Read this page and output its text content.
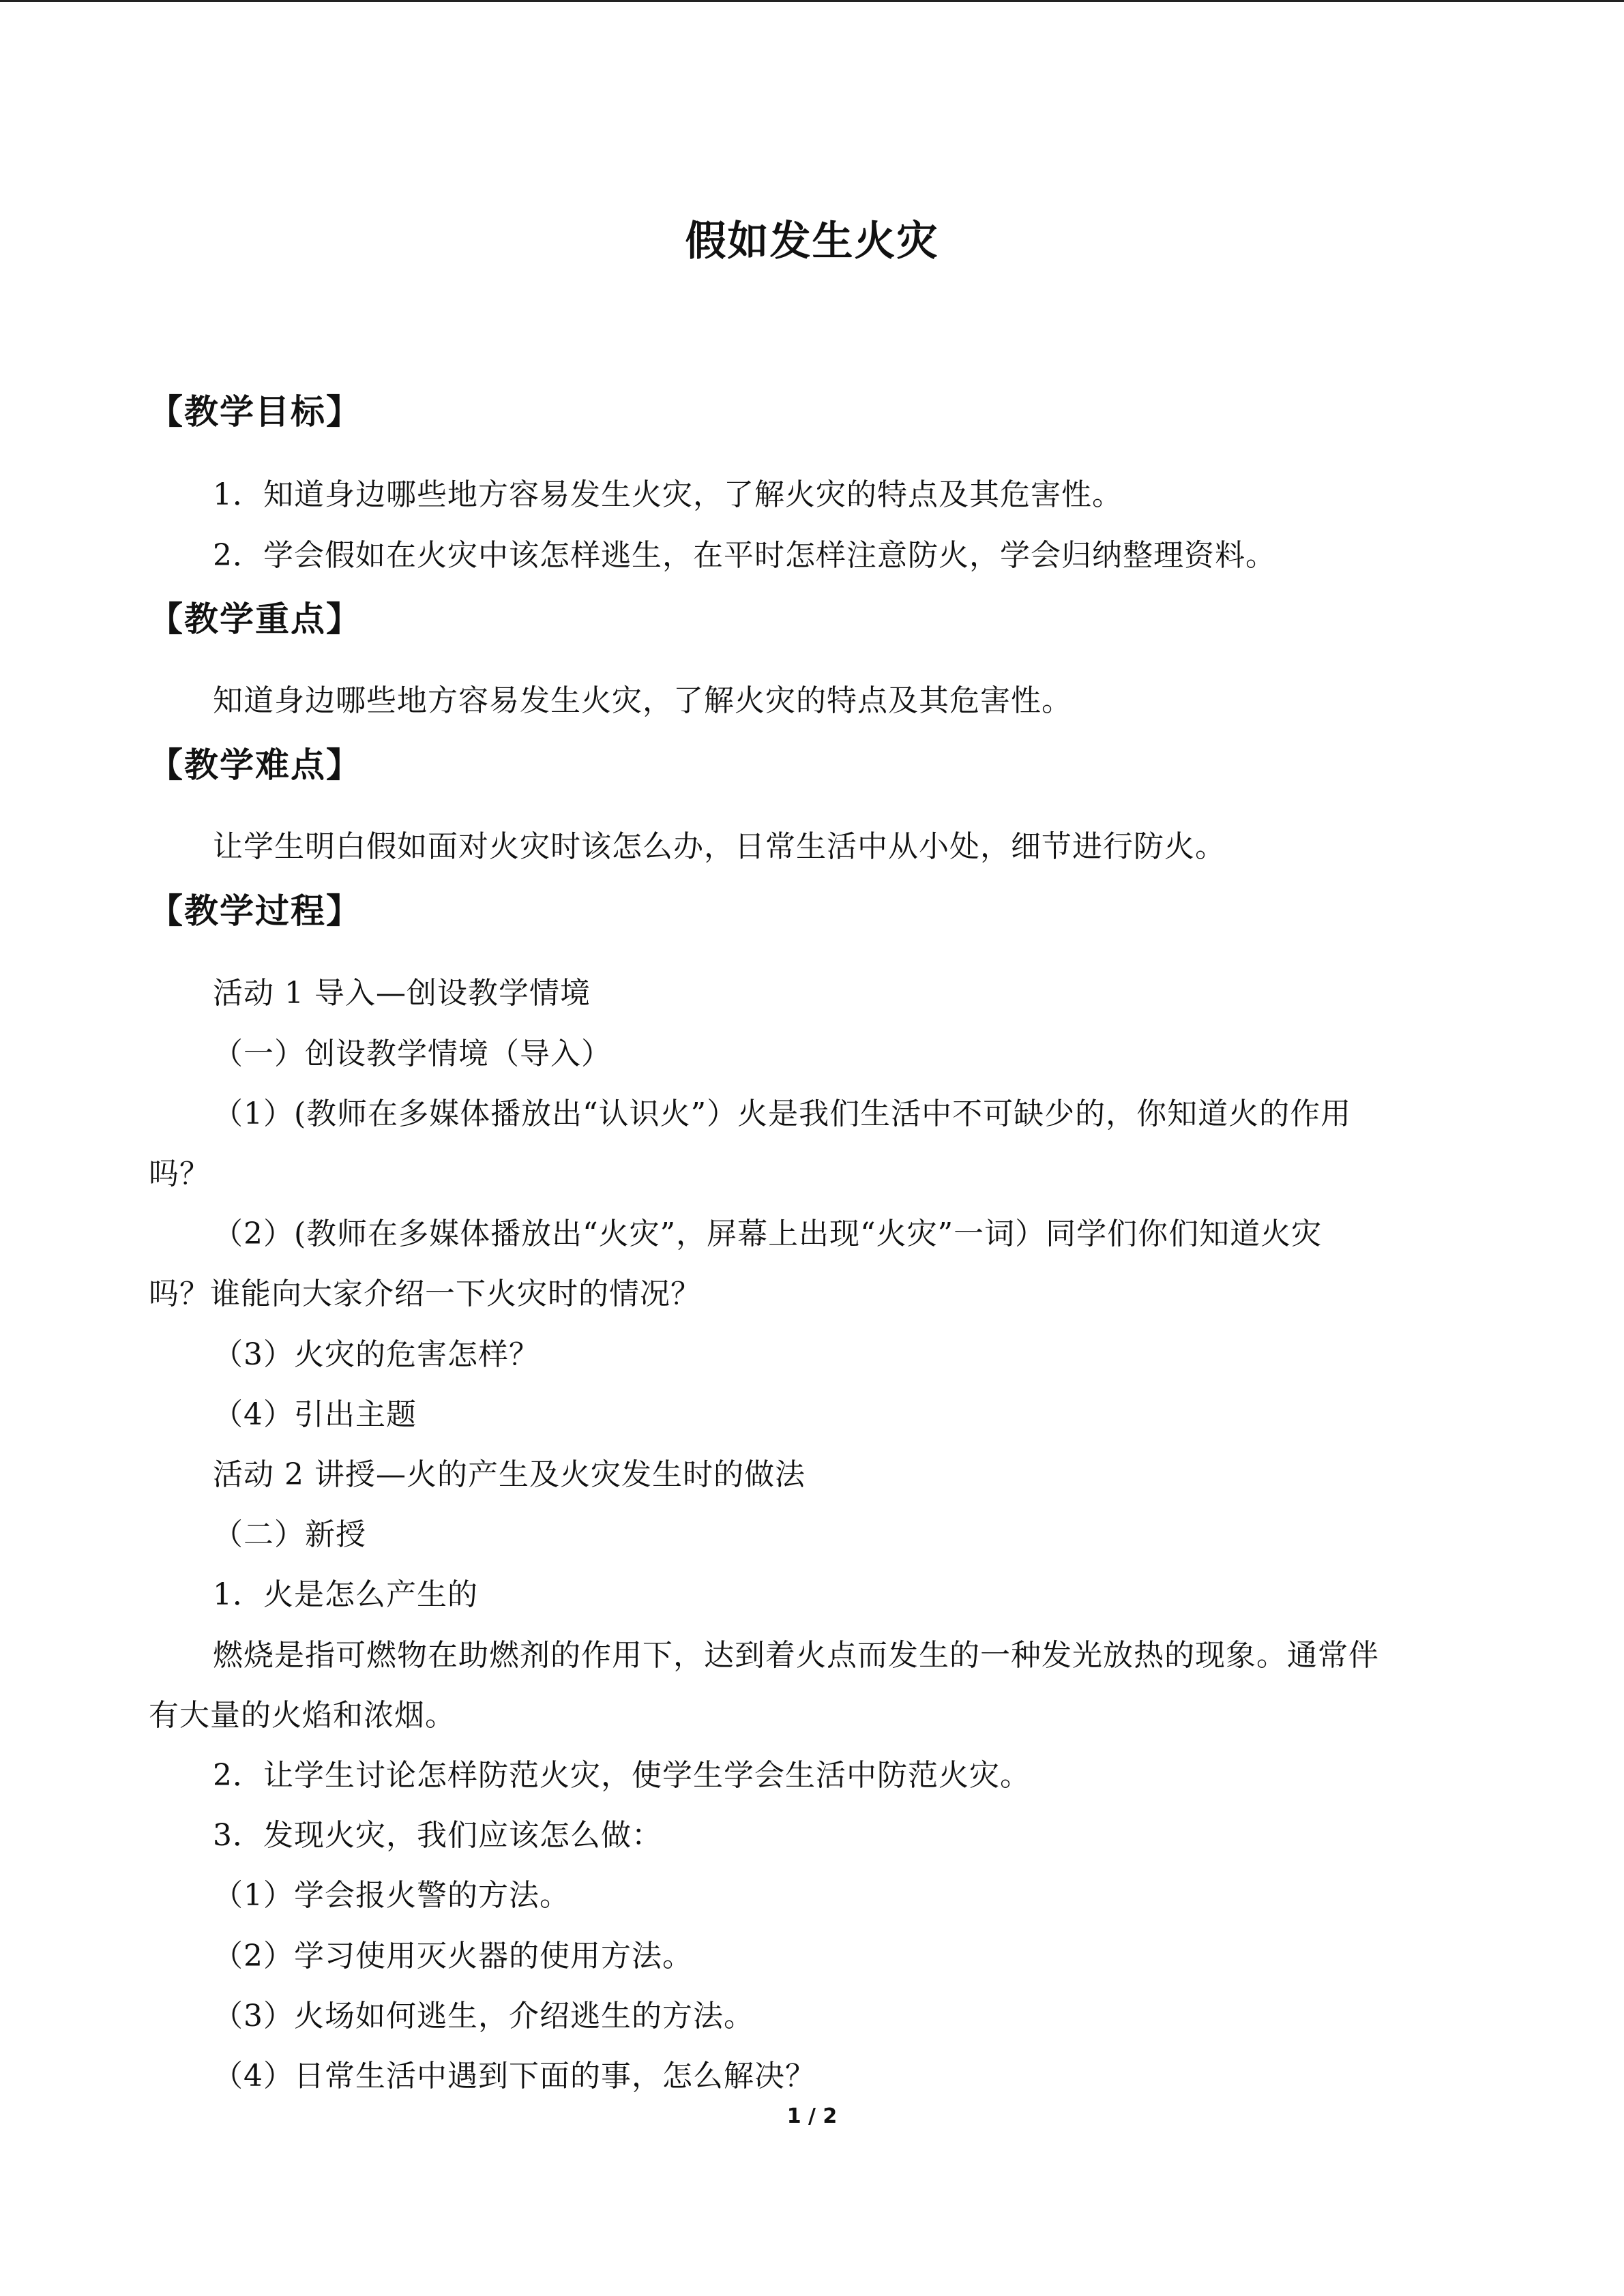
假如发生火灾
【教学目标】
1．知道身边哪些地方容易发生火灾，了解火灾的特点及其危害性。
2．学会假如在火灾中该怎样逃生，在平时怎样注意防火，学会归纳整理资料。
【教学重点】
知道身边哪些地方容易发生火灾，了解火灾的特点及其危害性。
【教学难点】
让学生明白假如面对火灾时该怎么办，日常生活中从小处，细节进行防火。
【教学过程】
活动 1 导入—创设教学情境
（一）创设教学情境（导入）
（1）(教师在多媒体播放出“认识火”）火是我们生活中不可缺少的，你知道火的作用
吗？
（2）(教师在多媒体播放出“火灾”，屏幕上出现“火灾”一词）同学们你们知道火灾
吗？谁能向大家介绍一下火灾时的情况？
（3）火灾的危害怎样？
（4）引出主题
活动 2 讲授—火的产生及火灾发生时的做法
（二）新授
1．火是怎么产生的
燃烧是指可燃物在助燃剂的作用下，达到着火点而发生的一种发光放热的现象。通常伴
有大量的火焰和浓烟。
2．让学生讨论怎样防范火灾，使学生学会生活中防范火灾。
3．发现火灾，我们应该怎么做：
（1）学会报火警的方法。
（2）学习使用灭火器的使用方法。
（3）火场如何逃生，介绍逃生的方法。
（4）日常生活中遇到下面的事，怎么解决？
1 / 2
